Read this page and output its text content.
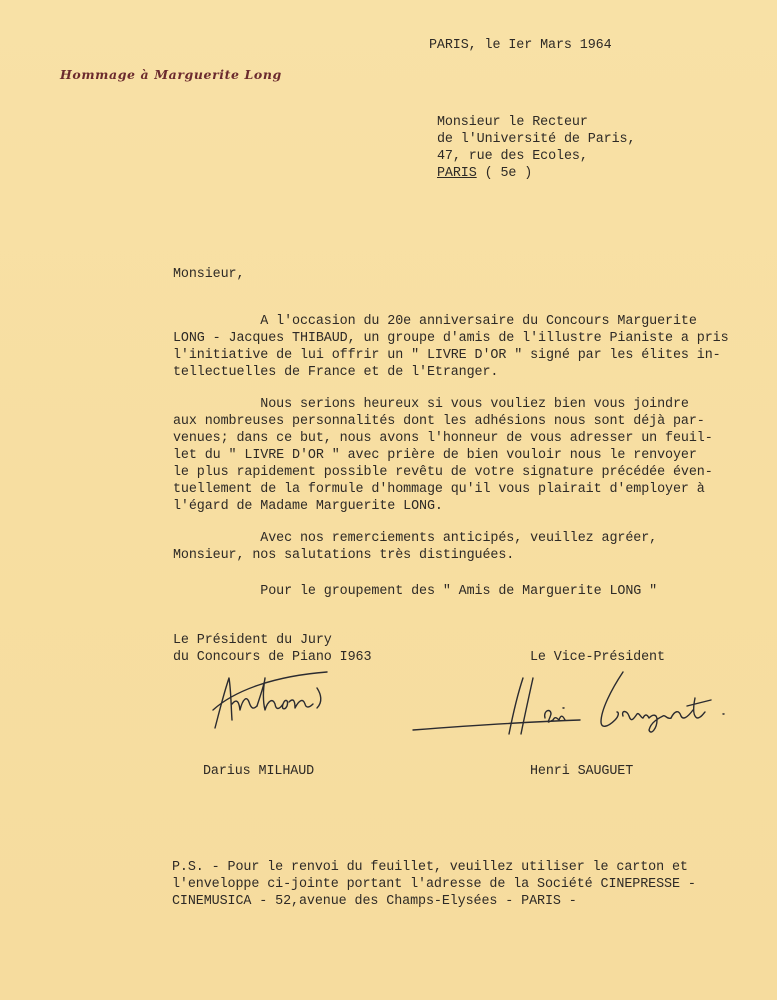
Hommage à Marguerite Long
PARIS, le Ier Mars 1964
Monsieur le Recteur
de l'Université de Paris,
47, rue des Ecoles,
PARIS ( 5e )
Monsieur,
A l'occasion du 20e anniversaire du Concours Marguerite
LONG - Jacques THIBAUD, un groupe d'amis de l'illustre Pianiste a pris
l'initiative de lui offrir un " LIVRE D'OR " signé par les élites in-
tellectuelles de France et de l'Etranger.
Nous serions heureux si vous vouliez bien vous joindre
aux nombreuses personnalités dont les adhésions nous sont déjà par-
venues; dans ce but, nous avons l'honneur de vous adresser un feuil-
let du " LIVRE D'OR " avec prière de bien vouloir nous le renvoyer
le plus rapidement possible revêtu de votre signature précédée éven-
tuellement de la formule d'hommage qu'il vous plairait d'employer à
l'égard de Madame Marguerite LONG.
Avec nos remerciements anticipés, veuillez agréer,
Monsieur, nos salutations très distinguées.
Pour le groupement des " Amis de Marguerite LONG "
Le Président du Jury
du Concours de Piano I963
Darius MILHAUD
Le Vice-Président
Henri SAUGUET
P.S. - Pour le renvoi du feuillet, veuillez utiliser le carton et
l'enveloppe ci-jointe portant l'adresse de la Société CINEPRESSE -
CINEMUSICA - 52,avenue des Champs-Elysées - PARIS -
